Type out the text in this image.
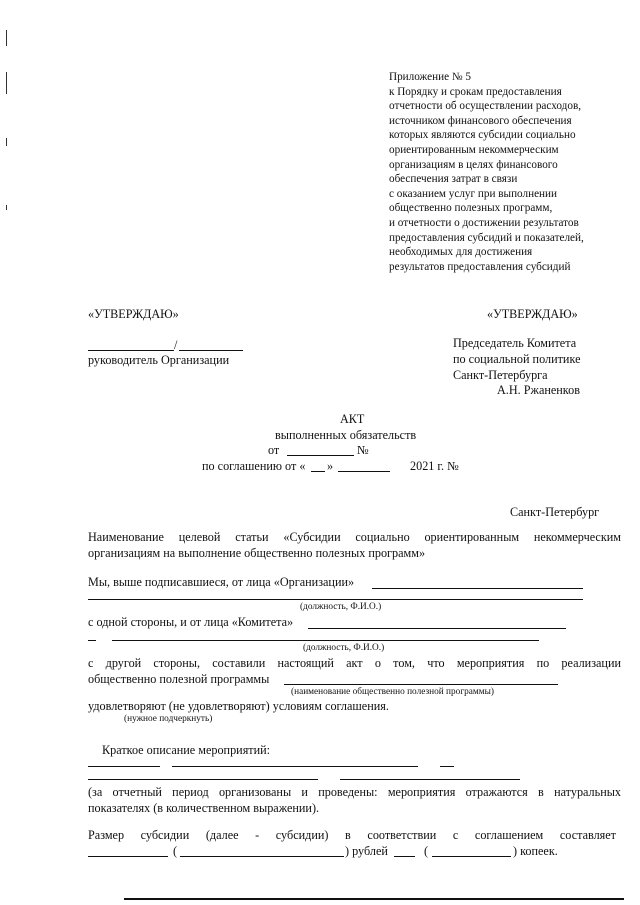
Приложение № 5
к Порядку и срокам предоставления
отчетности об осуществлении расходов,
источником финансового обеспечения
которых являются субсидии социально
ориентированным некоммерческим
организациям в целях финансового
обеспечения затрат в связи
с оказанием услуг при выполнении
общественно полезных программ,
и отчетности о достижении результатов
предоставления субсидий и показателей,
необходимых для достижения
результатов предоставления субсидий
«УТВЕРЖДАЮ»
/
руководитель Организации
«УТВЕРЖДАЮ»
Председатель Комитета
по социальной политике
Санкт-Петербурга
А.Н. Ржаненков
АКТ
выполненных обязательств
от	№
по соглашению от « »	2021 г. №
Санкт-Петербург
Наименование целевой статьи «Субсидии социально ориентированным некоммерческим
организациям на выполнение общественно полезных программ»
Мы, выше подписавшиеся, от лица «Организации»
(должность, Ф.И.О.)
с одной стороны, и от лица «Комитета»
(должность, Ф.И.О.)
с другой стороны, составили настоящий акт о том, что мероприятия по реализации
общественно полезной программы
(наименование общественно полезной программы)
удовлетворяют (не удовлетворяют) условиям соглашения.
(нужное подчеркнуть)
Краткое описание мероприятий:
(за отчетный период организованы и проведены: мероприятия отражаются в натуральных
показателях (в количественном выражении).
Размер субсидии (далее - субсидии) в соответствии с соглашением составляет
(	) рублей	(	) копеек.
